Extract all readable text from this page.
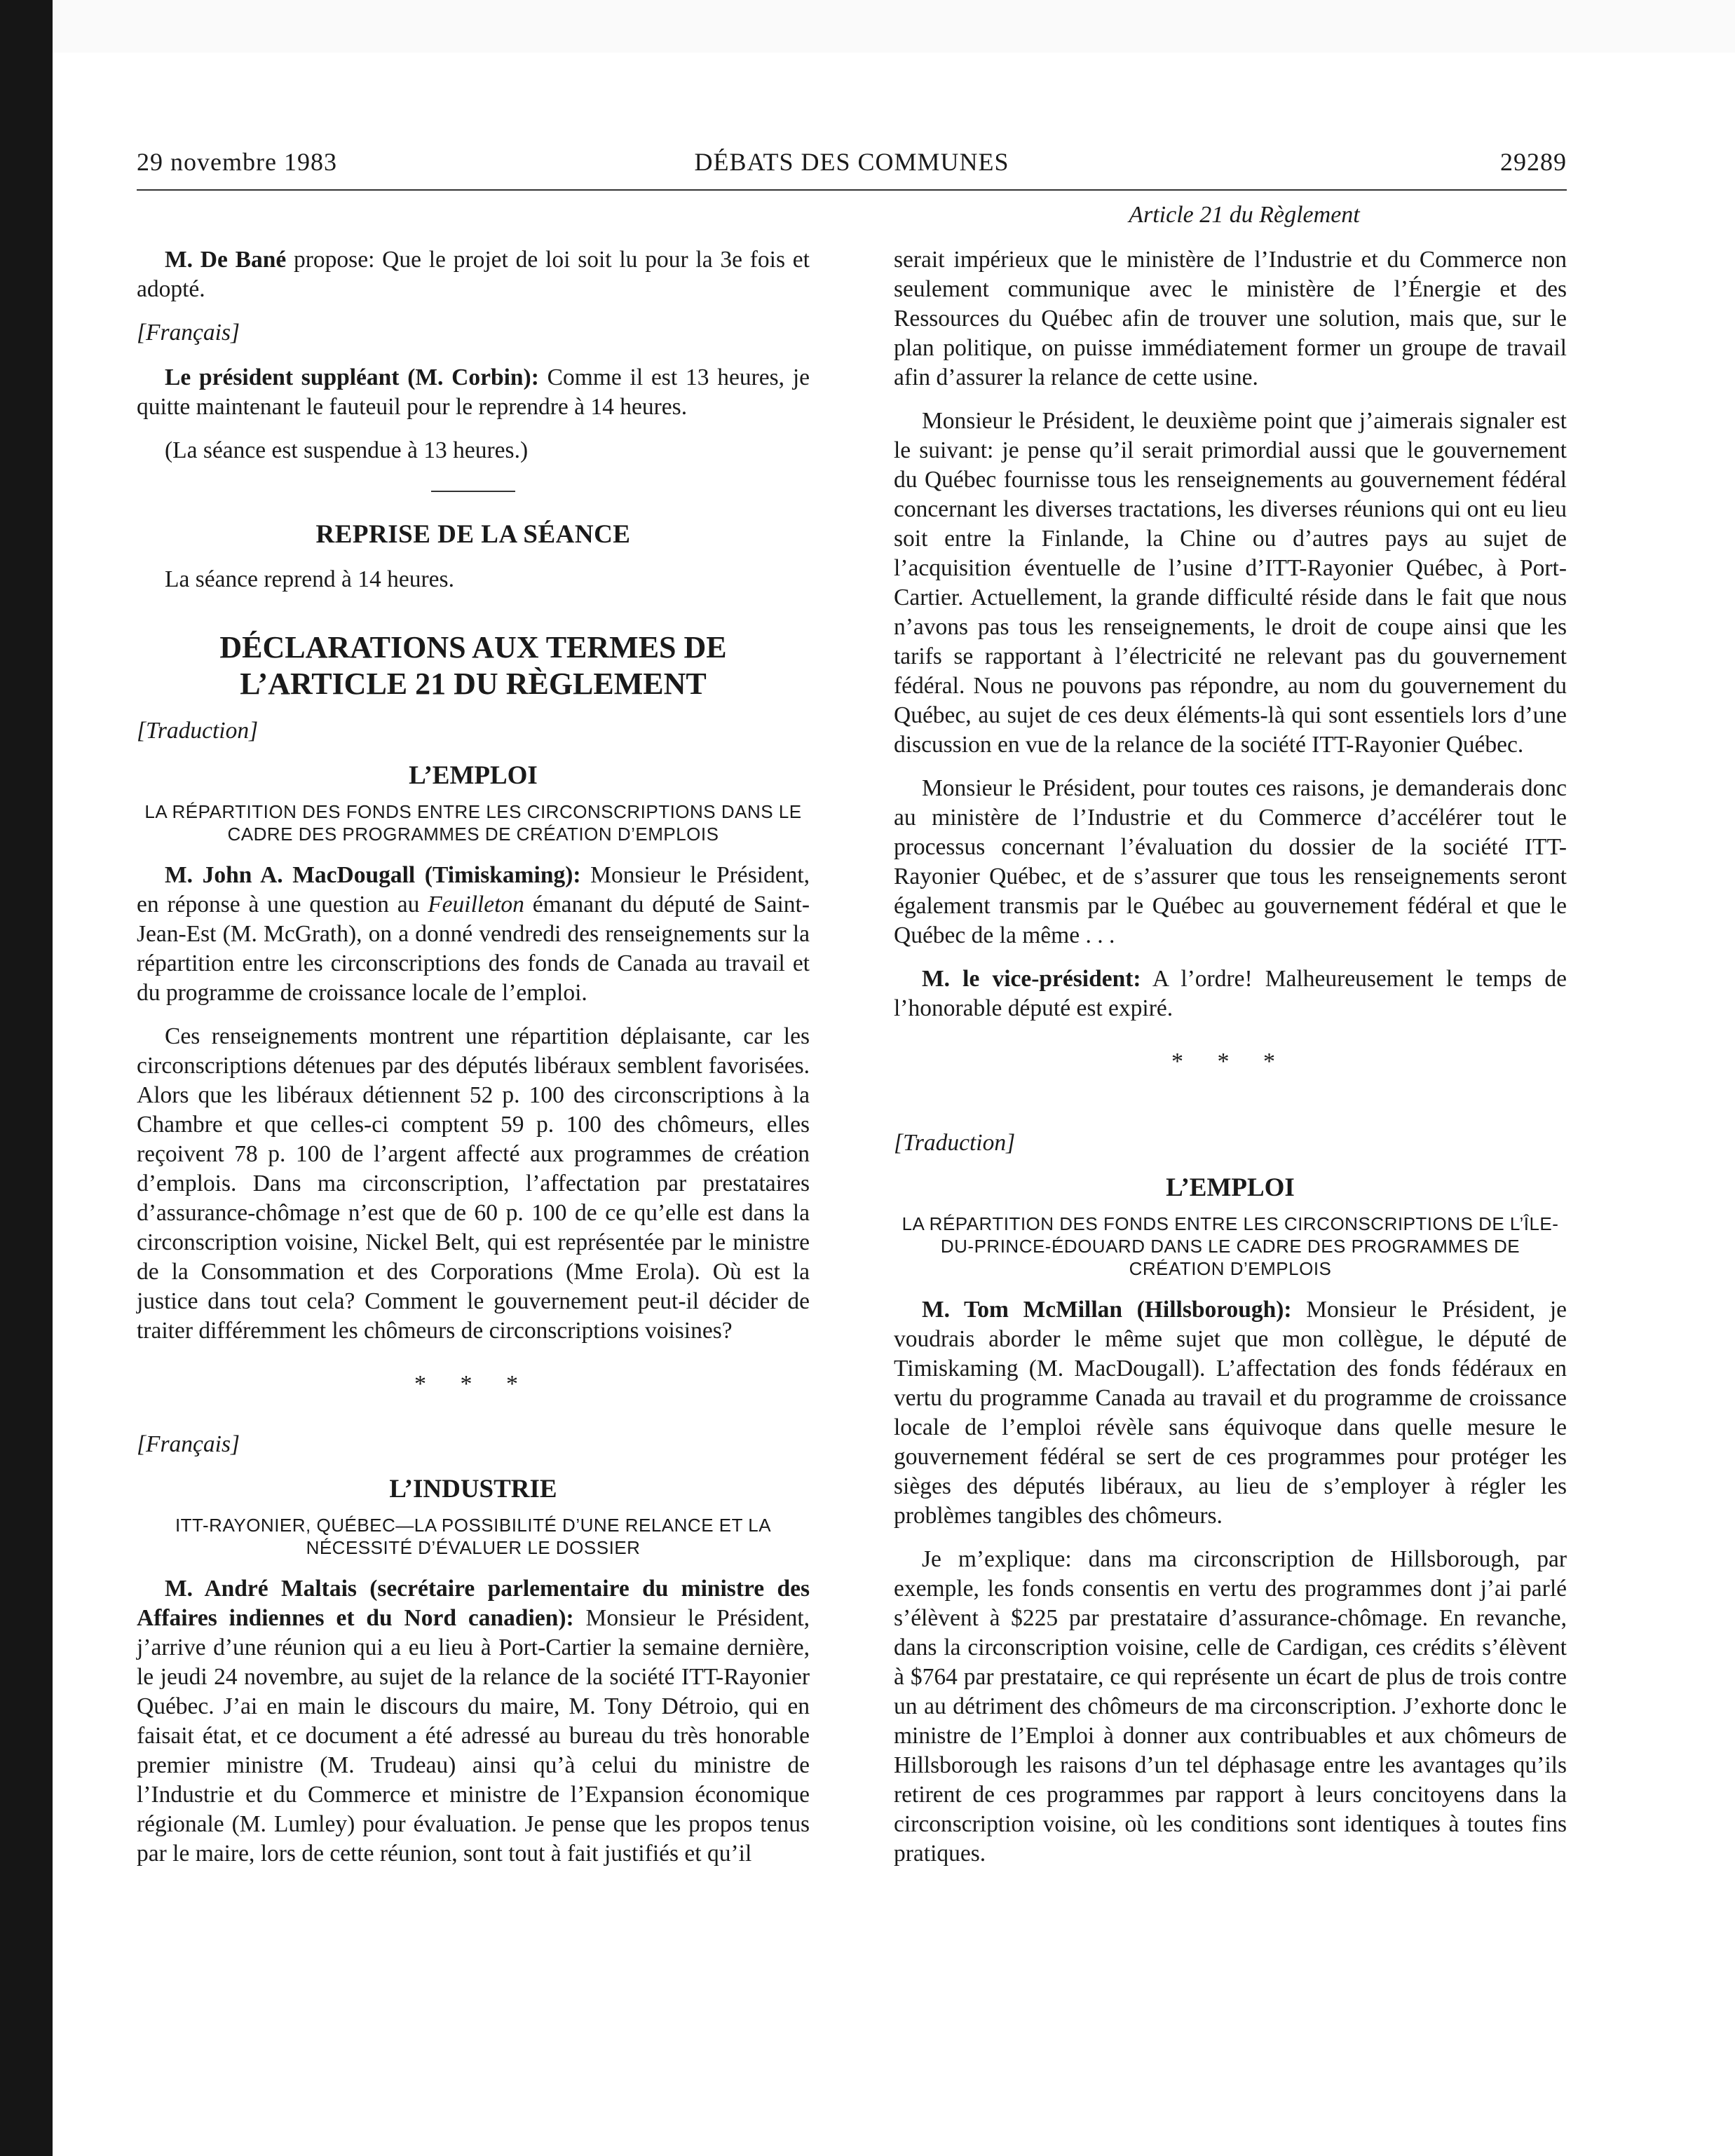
29 novembre 1983	DÉBATS DES COMMUNES	29289
Article 21 du Règlement

M. De Bané propose: Que le projet de loi soit lu pour la 3e fois et adopté.

[Français]

Le président suppléant (M. Corbin): Comme il est 13 heures, je quitte maintenant le fauteuil pour le reprendre à 14 heures.

(La séance est suspendue à 13 heures.)

REPRISE DE LA SÉANCE

La séance reprend à 14 heures.

DÉCLARATIONS AUX TERMES DE
L’ARTICLE 21 DU RÈGLEMENT

[Traduction]

L’EMPLOI
LA RÉPARTITION DES FONDS ENTRE LES CIRCONSCRIPTIONS DANS LE CADRE DES PROGRAMMES DE CRÉATION D’EMPLOIS

M. John A. MacDougall (Timiskaming): Monsieur le Président, en réponse à une question au Feuilleton émanant du député de Saint-Jean-Est (M. McGrath), on a donné vendredi des renseignements sur la répartition entre les circonscriptions des fonds de Canada au travail et du programme de croissance locale de l’emploi.

Ces renseignements montrent une répartition déplaisante, car les circonscriptions détenues par des députés libéraux semblent favorisées. Alors que les libéraux détiennent 52 p. 100 des circonscriptions à la Chambre et que celles-ci comptent 59 p. 100 des chômeurs, elles reçoivent 78 p. 100 de l’argent affecté aux programmes de création d’emplois. Dans ma circonscription, l’affectation par prestataires d’assurance-chômage n’est que de 60 p. 100 de ce qu’elle est dans la circonscription voisine, Nickel Belt, qui est représentée par le ministre de la Consommation et des Corporations (Mme Erola). Où est la justice dans tout cela? Comment le gouvernement peut-il décider de traiter différemment les chômeurs de circonscriptions voisines?

* * *

[Français]

L’INDUSTRIE
ITT-RAYONIER, QUÉBEC—LA POSSIBILITÉ D’UNE RELANCE ET LA NÉCESSITÉ D’ÉVALUER LE DOSSIER

M. André Maltais (secrétaire parlementaire du ministre des Affaires indiennes et du Nord canadien): Monsieur le Président, j’arrive d’une réunion qui a eu lieu à Port-Cartier la semaine dernière, le jeudi 24 novembre, au sujet de la relance de la société ITT-Rayonier Québec. J’ai en main le discours du maire, M. Tony Détroio, qui en faisait état, et ce document a été adressé au bureau du très honorable premier ministre (M. Trudeau) ainsi qu’à celui du ministre de l’Industrie et du Commerce et ministre de l’Expansion économique régionale (M. Lumley) pour évaluation. Je pense que les propos tenus par le maire, lors de cette réunion, sont tout à fait justifiés et qu’il

serait impérieux que le ministère de l’Industrie et du Commerce non seulement communique avec le ministère de l’Énergie et des Ressources du Québec afin de trouver une solution, mais que, sur le plan politique, on puisse immédiatement former un groupe de travail afin d’assurer la relance de cette usine.

Monsieur le Président, le deuxième point que j’aimerais signaler est le suivant: je pense qu’il serait primordial aussi que le gouvernement du Québec fournisse tous les renseignements au gouvernement fédéral concernant les diverses tractations, les diverses réunions qui ont eu lieu soit entre la Finlande, la Chine ou d’autres pays au sujet de l’acquisition éventuelle de l’usine d’ITT-Rayonier Québec, à Port-Cartier. Actuellement, la grande difficulté réside dans le fait que nous n’avons pas tous les renseignements, le droit de coupe ainsi que les tarifs se rapportant à l’électricité ne relevant pas du gouvernement fédéral. Nous ne pouvons pas répondre, au nom du gouvernement du Québec, au sujet de ces deux éléments-là qui sont essentiels lors d’une discussion en vue de la relance de la société ITT-Rayonier Québec.

Monsieur le Président, pour toutes ces raisons, je demanderais donc au ministère de l’Industrie et du Commerce d’accélérer tout le processus concernant l’évaluation du dossier de la société ITT-Rayonier Québec, et de s’assurer que tous les renseignements seront également transmis par le Québec au gouvernement fédéral et que le Québec de la même . . .

M. le vice-président: A l’ordre! Malheureusement le temps de l’honorable député est expiré.

* * *

[Traduction]

L’EMPLOI
LA RÉPARTITION DES FONDS ENTRE LES CIRCONSCRIPTIONS DE L’ÎLE-DU-PRINCE-ÉDOUARD DANS LE CADRE DES PROGRAMMES DE CRÉATION D’EMPLOIS

M. Tom McMillan (Hillsborough): Monsieur le Président, je voudrais aborder le même sujet que mon collègue, le député de Timiskaming (M. MacDougall). L’affectation des fonds fédéraux en vertu du programme Canada au travail et du programme de croissance locale de l’emploi révèle sans équivoque dans quelle mesure le gouvernement fédéral se sert de ces programmes pour protéger les sièges des députés libéraux, au lieu de s’employer à régler les problèmes tangibles des chômeurs.

Je m’explique: dans ma circonscription de Hillsborough, par exemple, les fonds consentis en vertu des programmes dont j’ai parlé s’élèvent à $225 par prestataire d’assurance-chômage. En revanche, dans la circonscription voisine, celle de Cardigan, ces crédits s’élèvent à $764 par prestataire, ce qui représente un écart de plus de trois contre un au détriment des chômeurs de ma circonscription. J’exhorte donc le ministre de l’Emploi à donner aux contribuables et aux chômeurs de Hillsborough les raisons d’un tel déphasage entre les avantages qu’ils retirent de ces programmes par rapport à leurs concitoyens dans la circonscription voisine, où les conditions sont identiques à toutes fins pratiques.
